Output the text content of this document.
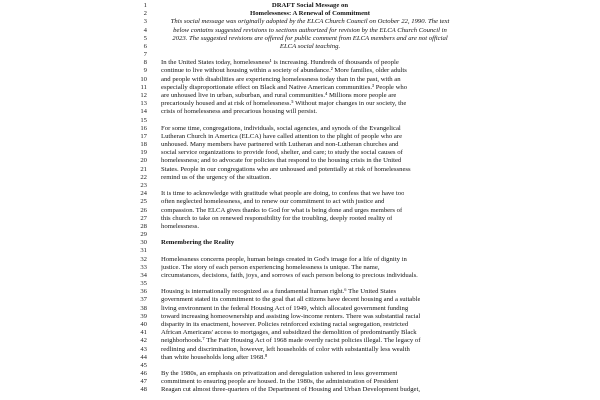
1	DRAFT Social Message on
2	Homelessness: A Renewal of Commitment
3	This social message was originally adopted by the ELCA Church Council on October 22, 1990. The text
4	below contains suggested revisions to sections authorized for revision by the ELCA Church Council in
5	2023. The suggested revisions are offered for public comment from ELCA members and are not official
6	ELCA social teaching.
7
8 In the United States today, homelessness¹ is increasing. Hundreds of thousands of people
9 continue to live without housing within a society of abundance.² More families, older adults
10 and people with disabilities are experiencing homelessness today than in the past, with an
11 especially disproportionate effect on Black and Native American communities.³ People who
12 are unhoused live in urban, suburban, and rural communities.⁴ Millions more people are
13 precariously housed and at risk of homelessness.⁵ Without major changes in our society, the
14 crisis of homelessness and precarious housing will persist.
15
16 For some time, congregations, individuals, social agencies, and synods of the Evangelical
17 Lutheran Church in America (ELCA) have called attention to the plight of people who are
18 unhoused. Many members have partnered with Lutheran and non-Lutheran churches and
19 social service organizations to provide food, shelter, and care; to study the social causes of
20 homelessness; and to advocate for policies that respond to the housing crisis in the United
21 States. People in our congregations who are unhoused and potentially at risk of homelessness
22 remind us of the urgency of the situation.
23
24 It is time to acknowledge with gratitude what people are doing, to confess that we have too
25 often neglected homelessness, and to renew our commitment to act with justice and
26 compassion. The ELCA gives thanks to God for what is being done and urges members of
27 this church to take on renewed responsibility for the troubling, deeply rooted reality of
28 homelessness.
29
30 Remembering the Reality
31
32 Homelessness concerns people, human beings created in God's image for a life of dignity in
33 justice. The story of each person experiencing homelessness is unique. The name,
34 circumstances, decisions, faith, joys, and sorrows of each person belong to precious individuals.
35
36 Housing is internationally recognized as a fundamental human right.⁶ The United States
37 government stated its commitment to the goal that all citizens have decent housing and a suitable
38 living environment in the federal Housing Act of 1949, which allocated government funding
39 toward increasing homeownership and assisting low-income renters. There was substantial racial
40 disparity in its enactment, however. Policies reinforced existing racial segregation, restricted
41 African Americans' access to mortgages, and subsidized the demolition of predominantly Black
42 neighborhoods.⁷ The Fair Housing Act of 1968 made overtly racist policies illegal. The legacy of
43 redlining and discrimination, however, left households of color with substantially less wealth
44 than white households long after 1968.⁸
45
46 By the 1980s, an emphasis on privatization and deregulation ushered in less government
47 commitment to ensuring people are housed. In the 1980s, the administration of President
48 Reagan cut almost three-quarters of the Department of Housing and Urban Development budget,
